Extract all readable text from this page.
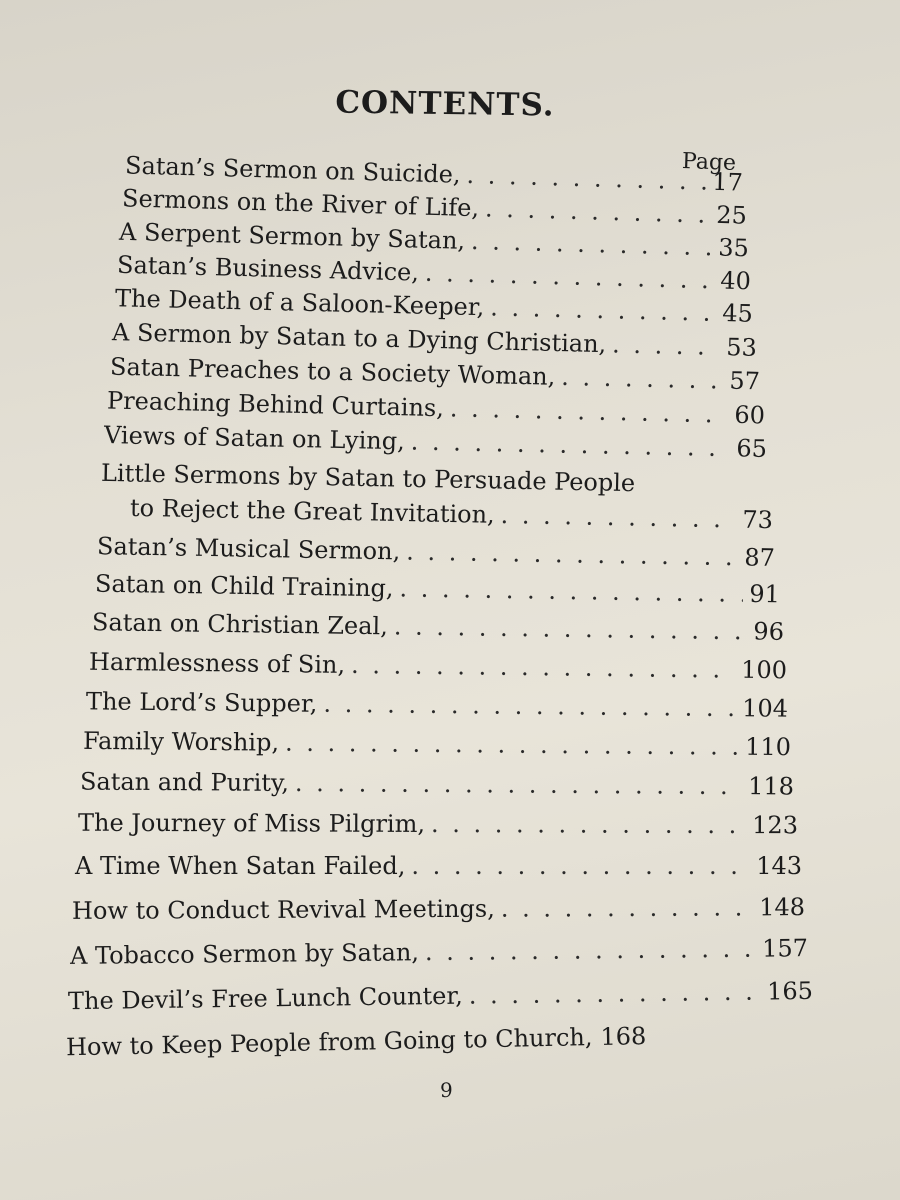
CONTENTS.
Page
Satan’s Sermon on Suicide, . . .	17
Sermons on the River of Life, . . .	25
A Serpent Sermon by Satan, . . .	35
Satan’s Business Advice, . . .	40
The Death of a Saloon-Keeper, . . .	45
A Sermon by Satan to a Dying Christian, . . .	53
Satan Preaches to a Society Woman, . . .	57
Preaching Behind Curtains, . . .	60
Views of Satan on Lying, . . .	65
Little Sermons by Satan to Persuade People
to Reject the Great Invitation, . . .	73
Satan’s Musical Sermon, . . .	87
Satan on Child Training, . . .	91
Satan on Christian Zeal, . . .	96
Harmlessness of Sin, . . .	100
The Lord’s Supper, . . .	104
Family Worship, . . .	110
Satan and Purity, . . .	118
The Journey of Miss Pilgrim, . . .	123
A Time When Satan Failed, . . .	143
How to Conduct Revival Meetings, . . .	148
A Tobacco Sermon by Satan, . . .	157
The Devil’s Free Lunch Counter, . . .	165
How to Keep People from Going to Church, . . . 168
9
